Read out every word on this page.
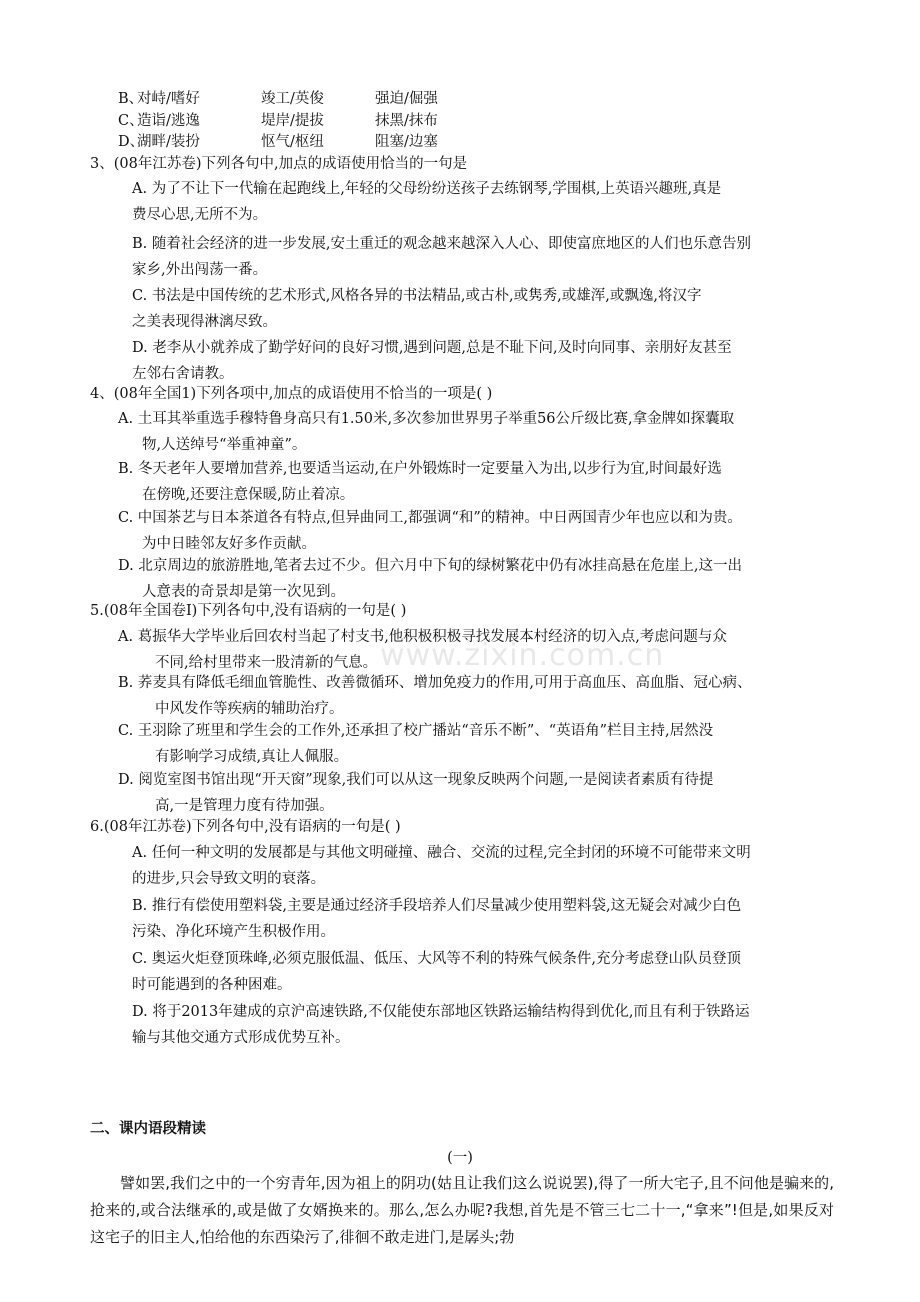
B、
对峙/嗜好	竣工/英俊	强迫/倔强
C、
造诣/逃逸	堤岸/提拔	抹黑/抹布
D、
湖畔/装扮	怄气/枢纽	阻塞/边塞
3、(08年江苏卷)下列各句中,加点的成语使用恰当的一句是
A. 为了不让下一代输在起跑线上,年轻的父母纷纷送孩子去练钢琴,学围棋,上英语兴趣班,真是
费尽心思,无所不为。
B. 随着社会经济的进一步发展,安土重迁的观念越来越深入人心、即使富庶地区的人们也乐意告别
家乡,外出闯荡一番。
C. 书法是中国传统的艺术形式,风格各异的书法精品,或古朴,或隽秀,或雄浑,或飘逸,将汉字
之美表现得淋漓尽致。
D. 老李从小就养成了勤学好问的良好习惯,遇到问题,总是不耻下问,及时向同事、亲朋好友甚至
左邻右舍请教。
4、(08年全国1)下列各项中,加点的成语使用不恰当的一项是( )
A. 土耳其举重选手穆特鲁身高只有1.50米,多次参加世界男子举重56公斤级比赛,拿金牌如探囊取
物,人送绰号“举重神童”。
B. 冬天老年人要增加营养,也要适当运动,在户外锻炼时一定要量入为出,以步行为宜,时间最好选
在傍晚,还要注意保暖,防止着凉。
C. 中国茶艺与日本茶道各有特点,但异曲同工,都强调“和”的精神。中日两国青少年也应以和为贵。
为中日睦邻友好多作贡献。
D. 北京周边的旅游胜地,笔者去过不少。但六月中下旬的绿树繁花中仍有冰挂高悬在危崖上,这一出
人意表的奇景却是第一次见到。
5.(08年全国卷Ⅰ)下列各句中,没有语病的一句是( )
A. 葛振华大学毕业后回农村当起了村支书,他积极积极寻找发展本村经济的切入点,考虑问题与众
不同,给村里带来一股清新的气息。
B. 荞麦具有降低毛细血管脆性、改善微循环、增加免疫力的作用,可用于高血压、高血脂、冠心病、
中风发作等疾病的辅助治疗。
C. 王羽除了班里和学生会的工作外,还承担了校广播站“音乐不断”、“英语角”栏目主持,居然没
有影响学习成绩,真让人佩服。
D. 阅览室图书馆出现“开天窗”现象,我们可以从这一现象反映两个问题,一是阅读者素质有待提
高,一是管理力度有待加强。
6.(08年江苏卷)下列各句中,没有语病的一句是( )
A. 任何一种文明的发展都是与其他文明碰撞、融合、交流的过程,完全封闭的环境不可能带来文明
的进步,只会导致文明的衰落。
B. 推行有偿使用塑料袋,主要是通过经济手段培养人们尽量减少使用塑料袋,这无疑会对减少白色
污染、净化环境产生积极作用。
C. 奥运火炬登顶珠峰,必须克服低温、低压、大风等不利的特殊气候条件,充分考虑登山队员登顶
时可能遇到的各种困难。
D. 将于2013年建成的京沪高速铁路,不仅能使东部地区铁路运输结构得到优化,而且有利于铁路运
输与其他交通方式形成优势互补。
二、课内语段精读
(一)
譬如罢,我们之中的一个穷青年,因为祖上的阴功(姑且让我们这么说说罢),得了一所大宅子,且不问他是骗来的,抢来的,或合法继承的,或是做了女婿换来的。那么,怎么办呢?我想,首先是不管三七二十一,“拿来”!但是,如果反对这宅子的旧主人,怕给他的东西染污了,徘徊不敢走进门,是孱头;勃
www.zixin.com.cn
